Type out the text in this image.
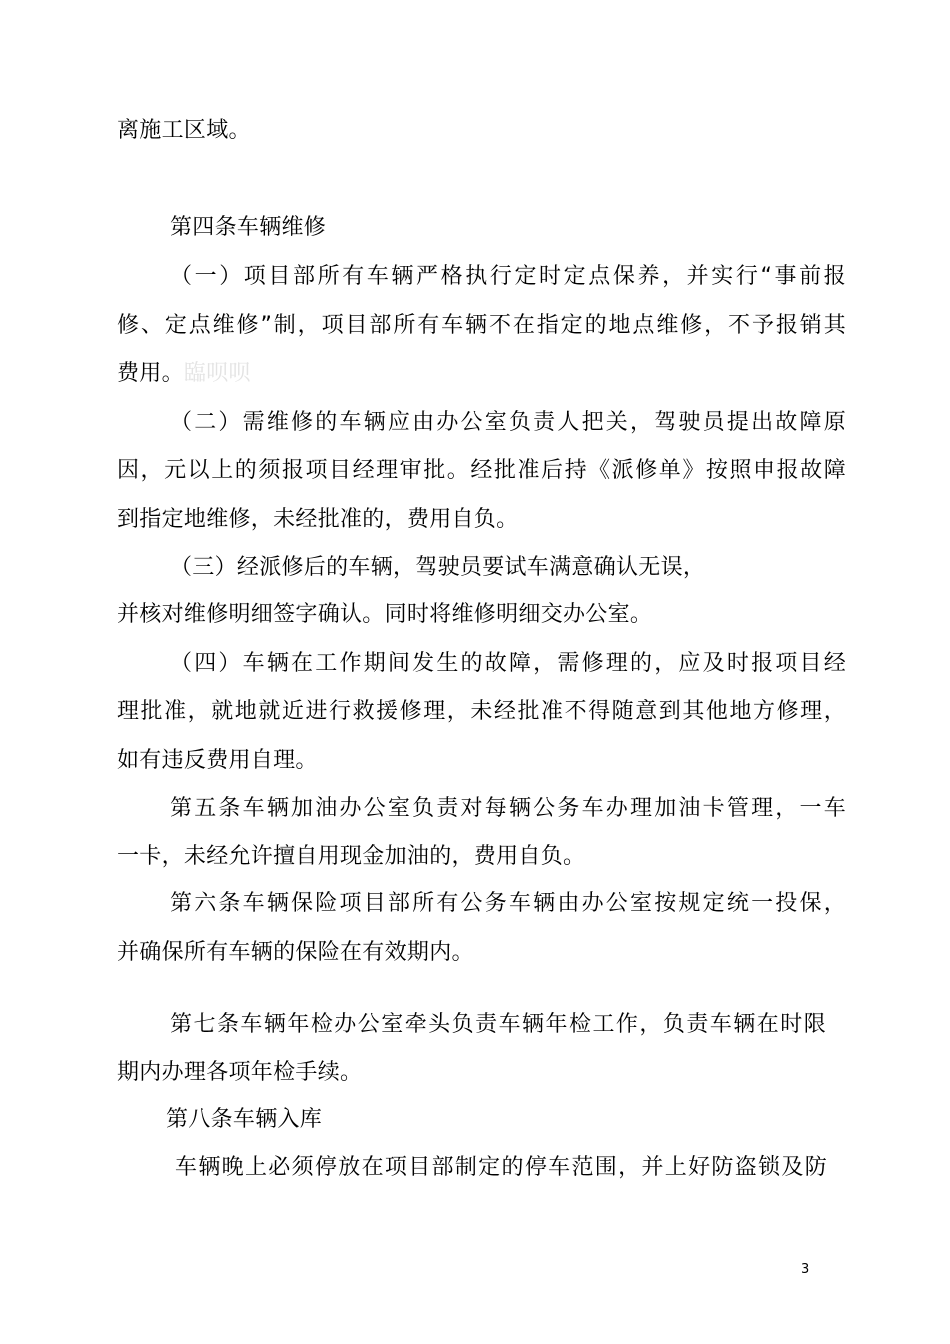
离施工区域。
第四条车辆维修
（一）项目部所有车辆严格执行定时定点保养，并实行“事前报
修、定点维修”制，项目部所有车辆不在指定的地点维修，不予报销其
费用。臨呗呗
（二）需维修的车辆应由办公室负责人把关，驾驶员提出故障原
因，元以上的须报项目经理审批。经批准后持《派修单》按照申报故障
到指定地维修，未经批准的，费用自负。
（三）经派修后的车辆，驾驶员要试车满意确认无误，
并核对维修明细签字确认。同时将维修明细交办公室。
（四）车辆在工作期间发生的故障，需修理的，应及时报项目经
理批准，就地就近进行救援修理，未经批准不得随意到其他地方修理，
如有违反费用自理。
第五条车辆加油办公室负责对每辆公务车办理加油卡管理，一车
一卡，未经允许擅自用现金加油的，费用自负。
第六条车辆保险项目部所有公务车辆由办公室按规定统一投保，
并确保所有车辆的保险在有效期内。
第七条车辆年检办公室牵头负责车辆年检工作，负责车辆在时限
期内办理各项年检手续。
第八条车辆入库
车辆晚上必须停放在项目部制定的停车范围，并上好防盗锁及防
3
